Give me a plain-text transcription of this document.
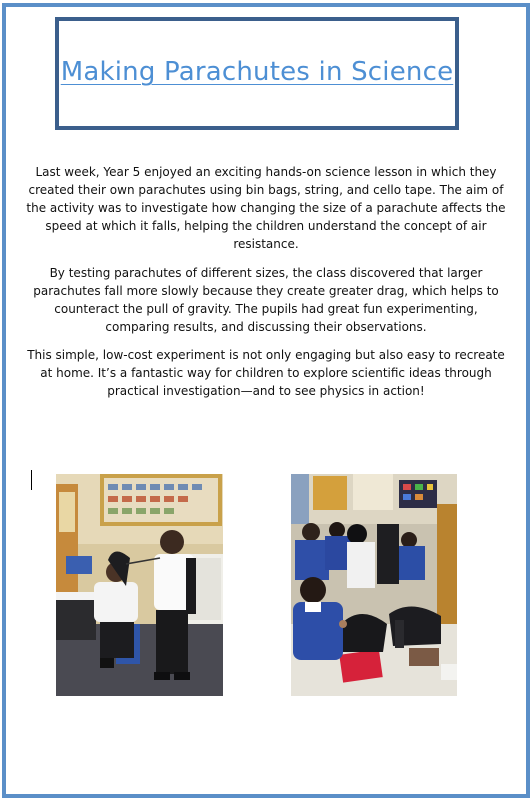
Making Parachutes in Science
Last week, Year 5 enjoyed an exciting hands-on science lesson in which they created their own parachutes using bin bags, string, and cello tape. The aim of the activity was to investigate how changing the size of a parachute affects the speed at which it falls, helping the children understand the concept of air resistance.
By testing parachutes of different sizes, the class discovered that larger parachutes fall more slowly because they create greater drag, which helps to counteract the pull of gravity. The pupils had great fun experimenting, comparing results, and discussing their observations.
This simple, low-cost experiment is not only engaging but also easy to recreate at home. It’s a fantastic way for children to explore scientific ideas through practical investigation—and to see physics in action!
